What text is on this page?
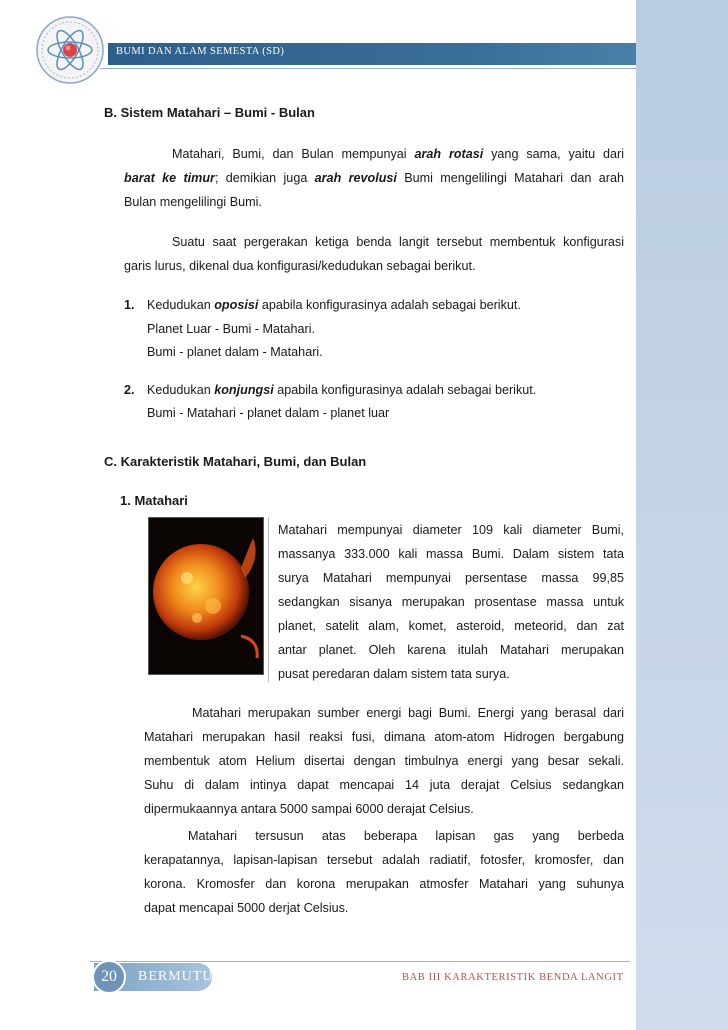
BUMI DAN ALAM SEMESTA (SD)
B. Sistem Matahari – Bumi - Bulan
Matahari, Bumi, dan Bulan mempunyai arah rotasi yang sama, yaitu dari
barat ke timur; demikian juga arah revolusi Bumi mengelilingi Matahari dan arah
Bulan mengelilingi Bumi.
Suatu saat pergerakan ketiga benda langit tersebut membentuk konfigurasi
garis lurus, dikenal dua konfigurasi/kedudukan sebagai berikut.
1. Kedudukan oposisi apabila konfigurasinya adalah sebagai berikut.
Planet Luar - Bumi - Matahari.
Bumi - planet dalam - Matahari.
2. Kedudukan konjungsi apabila konfigurasinya adalah sebagai berikut.
Bumi - Matahari - planet dalam - planet luar
C. Karakteristik Matahari, Bumi, dan Bulan
1. Matahari
Matahari mempunyai diameter 109 kali diameter Bumi,
massanya 333.000 kali massa Bumi. Dalam sistem tata
surya Matahari mempunyai persentase massa 99,85
sedangkan sisanya merupakan prosentase massa untuk
planet, satelit alam, komet, asteroid, meteorid, dan zat
antar planet. Oleh karena itulah Matahari merupakan
pusat peredaran dalam sistem tata surya.
Matahari merupakan sumber energi bagi Bumi. Energi yang berasal dari
Matahari merupakan hasil reaksi fusi, dimana atom-atom Hidrogen bergabung
membentuk atom Helium disertai dengan timbulnya energi yang besar sekali.
Suhu di dalam intinya dapat mencapai 14 juta derajat Celsius sedangkan
dipermukaannya antara 5000 sampai 6000 derajat Celsius.
Matahari tersusun atas beberapa lapisan gas yang berbeda
kerapatannya, lapisan-lapisan tersebut adalah radiatif, fotosfer, kromosfer, dan
korona. Kromosfer dan korona merupakan atmosfer Matahari yang suhunya
dapat mencapai 5000 derjat Celsius.
20 BERMUTU	BAB III KARAKTERISTIK BENDA LANGIT
